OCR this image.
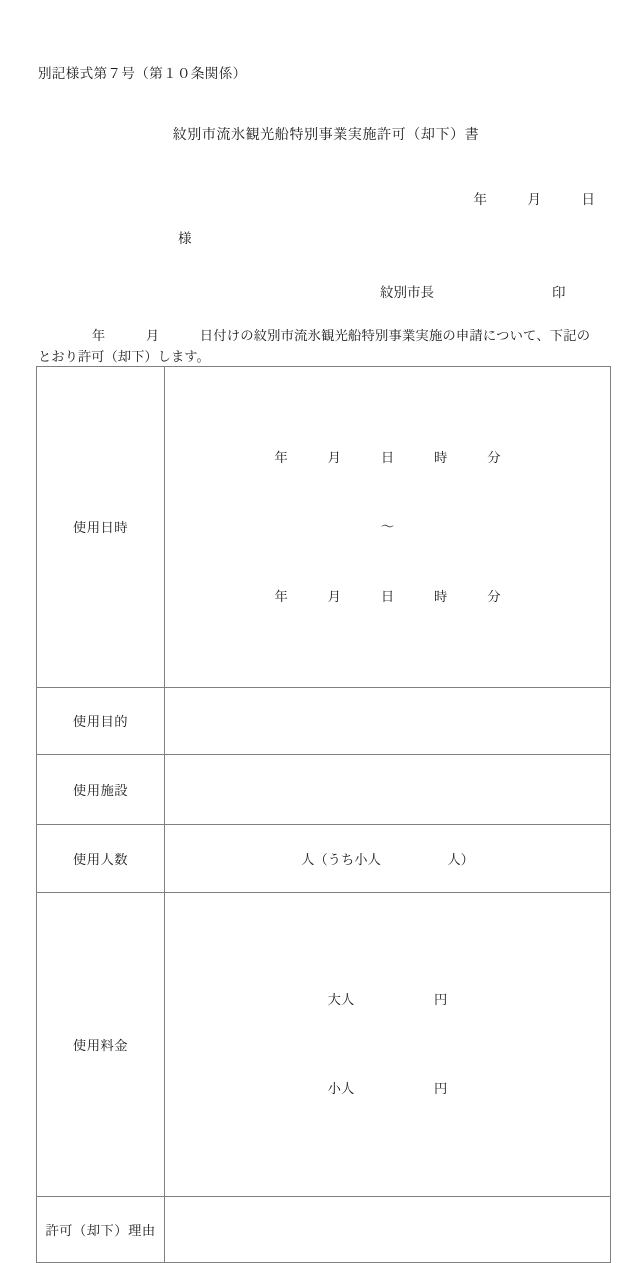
別記様式第７号（第１０条関係）
紋別市流氷観光船特別事業実施許可（却下）書
年　　　月　　　日
様

紋別市長	印

　　　　年　　　月　　　日付けの紋別市流氷観光船特別事業実施の申請について、下記のとおり許可（却下）します。
使用日時	年　　　月　　　日　　　時　　　分

～

年　　　月　　　日　　　時　　　分

使用目的	
使用施設	
使用人数	人（うち小人　　　　　人）
使用料金	大人　　　　　　円

小人　　　　　　円

許可（却下）理由	
